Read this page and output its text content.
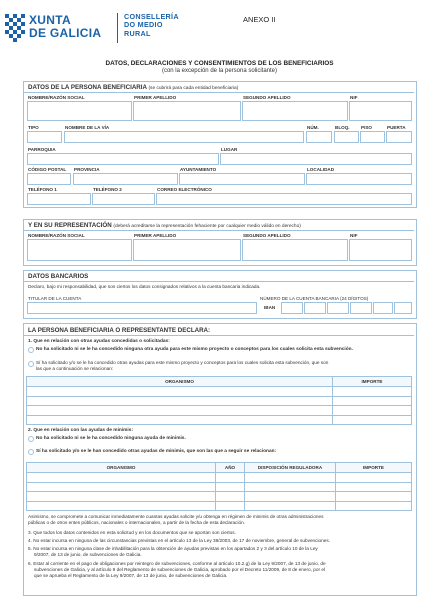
XUNTA
DE GALICIA
CONSELLERÍA
DO MEDIO
RURAL
ANEXO II
DATOS, DECLARACIONES Y CONSENTIMIENTOS DE LOS BENEFICIARIOS
(con la excepción de la persona solicitante)
DATOS DE LA PERSONA BENEFICIARIA (se cubrirá para cada entidad beneficiaria)
NOMBRE/RAZÓN SOCIAL	PRIMER APELLIDO	SEGUNDO APELLIDO	NIF
TIPO	NOMBRE DE LA VÍA	NÚM.	BLOQ. PISO	PUERTA
PARROQUIA	LUGAR
CÓDIGO POSTAL PROVINCIA	AYUNTAMIENTO	LOCALIDAD
TELÉFONO 1	TELÉFONO 2	CORREO ELECTRÓNICO
Y EN SU REPRESENTACIÓN (deberá acreditarse la representación fehaciente por cualquier medio válido en derecho)
NOMBRE/RAZÓN SOCIAL	PRIMER APELLIDO	SEGUNDO APELLIDO	NIF
DATOS BANCARIOS
Declaro, bajo mi responsabilidad, que son ciertos los datos consignados relativos a la cuenta bancaria indicada.
TITULAR DE LA CUENTA	NÚMERO DE LA CUENTA BANCARIA (24 DÍGITOS)
IBAN
LA PERSONA BENEFICIARIA O REPRESENTANTE DECLARA:
1. Que en relación con otras ayudas concedidas o solicitadas:
No ha solicitado ni se le ha concedido ninguna otra ayuda para este mismo proyecto o conceptos para los cuales solicita esta subvención.
Sí ha solicitado y/o se le ha concedido otras ayudas para este mismo proyecto y conceptos para los cuales solicita esta subvención, que son
las que a continuación se relacionan:
ORGANISMO	IMPORTE

2. Que en relación con las ayudas de minimis:
No ha solicitado ni se le ha concedido ninguna ayuda de minimis.
Sí ha solicitado y/o se le han concedido otras ayudas de minimis, que son las que a seguir se relacionan:
ORGANISMO	AÑO	DISPOSICIÓN REGULADORA	IMPORTE

Asimismo, se compromete a comunicar inmediatamente cuantas ayudas solicite y/u obtenga en régimen de minimis de otras administraciones
públicas o de otros entes públicos, nacionales o internacionales, a partir de la fecha de esta declaración.
3. Que todos los datos contenidos en esta solicitud y en los documentos que se aportan son ciertos.
4. No estar incursa en ninguna de las circunstancias previstas en el artículo 13 de la Ley 38/2003, de 17 de noviembre, general de subvenciones.
5. No estar incursa en ninguna clase de inhabilitación para la obtención de ayudas previstas en los apartados 2 y 3 del artículo 10 de la Ley
9/2007, de 13 de junio, de subvenciones de Galicia.
6. Estar al corriente en el pago de obligaciones por reintegro de subvenciones, conforme al artículo 10.2.g) de la Ley 9/2007, de 13 de junio, de
subvenciones de Galicia, y al artículo 9 del Reglamento de subvenciones de Galicia, aprobado por el Decreto 11/2009, de 8 de enero, por el
que se aprueba el Reglamento de la Ley 9/2007, de 13 de junio, de subvenciones de Galicia.
